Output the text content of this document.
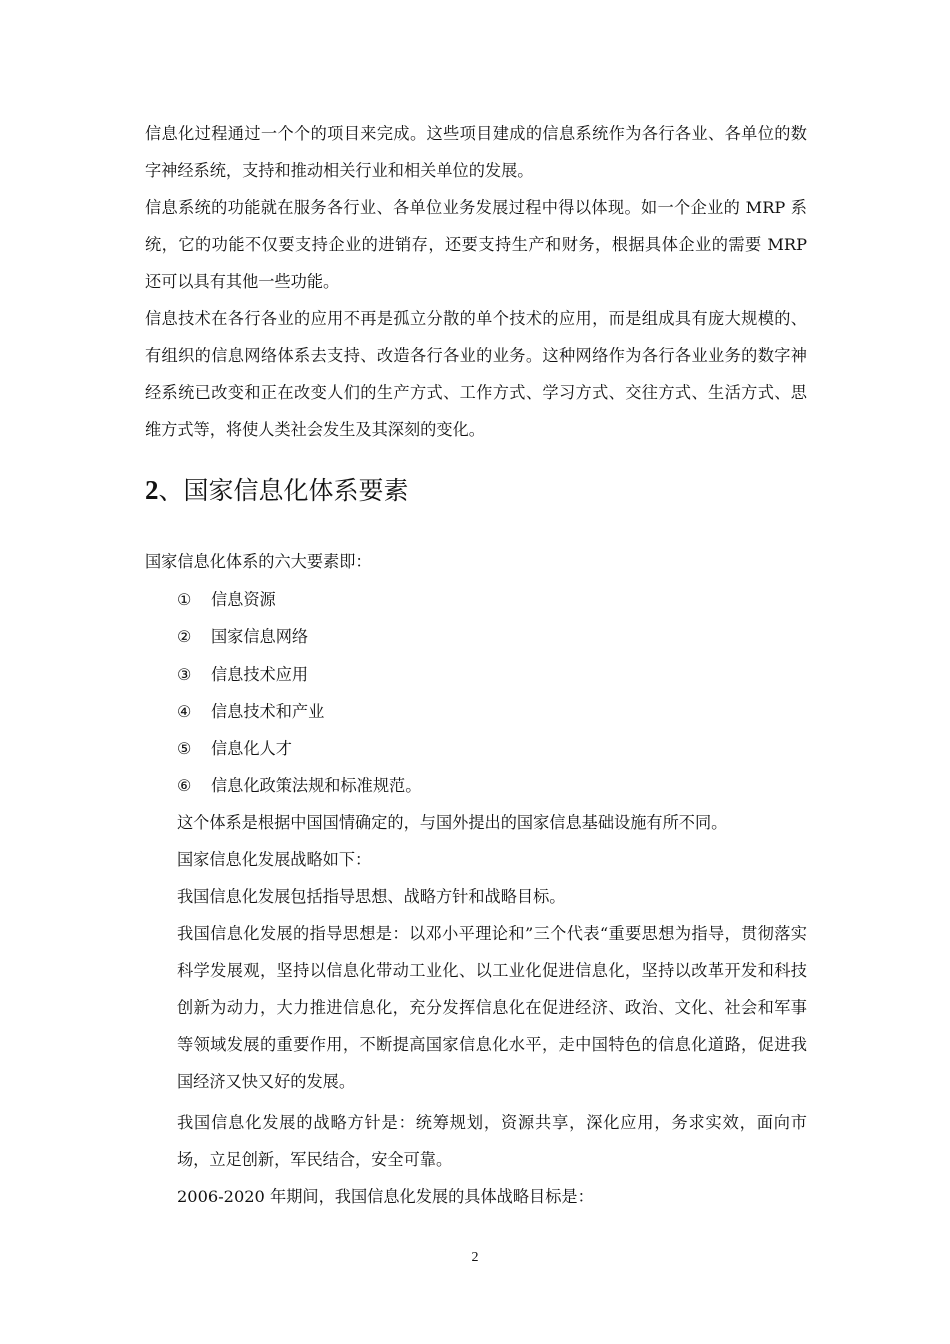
信息化过程通过一个个的项目来完成。这些项目建成的信息系统作为各行各业、各单位的数字神经系统，支持和推动相关行业和相关单位的发展。

信息系统的功能就在服务各行业、各单位业务发展过程中得以体现。如一个企业的 MRP 系统，它的功能不仅要支持企业的进销存，还要支持生产和财务，根据具体企业的需要 MRP 还可以具有其他一些功能。

信息技术在各行各业的应用不再是孤立分散的单个技术的应用，而是组成具有庞大规模的、有组织的信息网络体系去支持、改造各行各业的业务。这种网络作为各行各业业务的数字神经系统已改变和正在改变人们的生产方式、工作方式、学习方式、交往方式、生活方式、思维方式等，将使人类社会发生及其深刻的变化。

2、国家信息化体系要素

国家信息化体系的六大要素即：

① 信息资源
② 国家信息网络
③ 信息技术应用
④ 信息技术和产业
⑤ 信息化人才
⑥ 信息化政策法规和标准规范。

这个体系是根据中国国情确定的，与国外提出的国家信息基础设施有所不同。

国家信息化发展战略如下：

我国信息化发展包括指导思想、战略方针和战略目标。

我国信息化发展的指导思想是：以邓小平理论和”三个代表“重要思想为指导，贯彻落实科学发展观，坚持以信息化带动工业化、以工业化促进信息化，坚持以改革开发和科技创新为动力，大力推进信息化，充分发挥信息化在促进经济、政治、文化、社会和军事等领域发展的重要作用，不断提高国家信息化水平，走中国特色的信息化道路，促进我国经济又快又好的发展。

我国信息化发展的战略方针是：统筹规划，资源共享，深化应用，务求实效，面向市场，立足创新，军民结合，安全可靠。

2006-2020 年期间，我国信息化发展的具体战略目标是：

2
